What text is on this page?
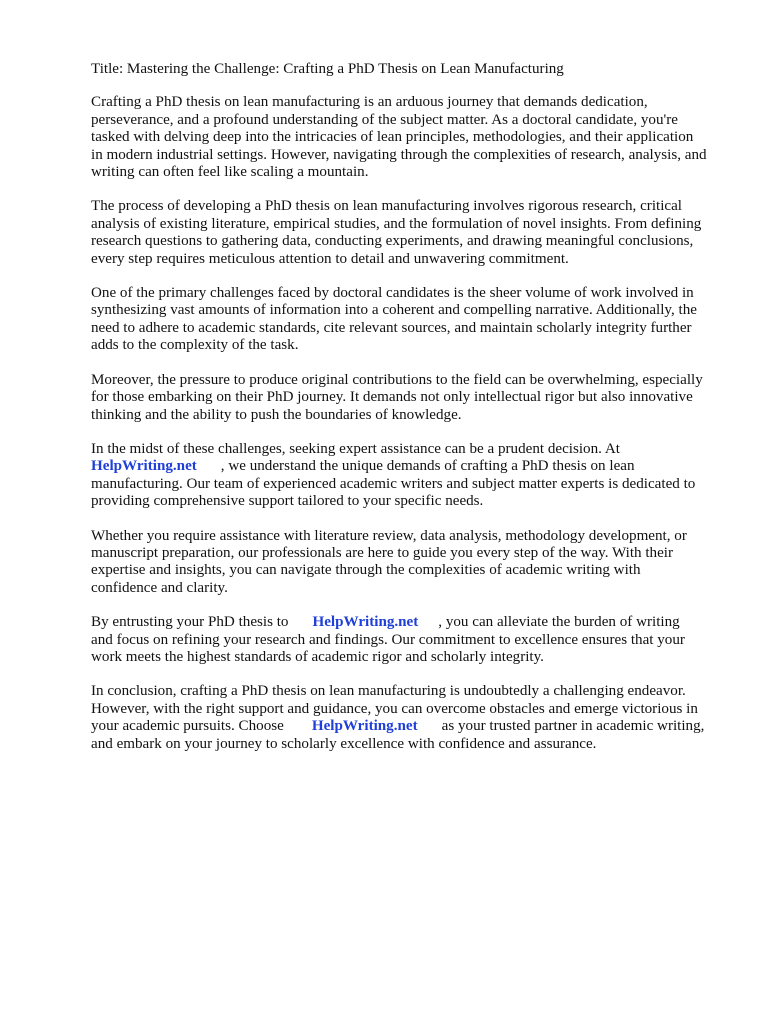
Title: Mastering the Challenge: Crafting a PhD Thesis on Lean Manufacturing

Crafting a PhD thesis on lean manufacturing is an arduous journey that demands dedication,
perseverance, and a profound understanding of the subject matter. As a doctoral candidate, you're
tasked with delving deep into the intricacies of lean principles, methodologies, and their application
in modern industrial settings. However, navigating through the complexities of research, analysis, and
writing can often feel like scaling a mountain.

The process of developing a PhD thesis on lean manufacturing involves rigorous research, critical
analysis of existing literature, empirical studies, and the formulation of novel insights. From defining
research questions to gathering data, conducting experiments, and drawing meaningful conclusions,
every step requires meticulous attention to detail and unwavering commitment.

One of the primary challenges faced by doctoral candidates is the sheer volume of work involved in
synthesizing vast amounts of information into a coherent and compelling narrative. Additionally, the
need to adhere to academic standards, cite relevant sources, and maintain scholarly integrity further
adds to the complexity of the task.

Moreover, the pressure to produce original contributions to the field can be overwhelming, especially
for those embarking on their PhD journey. It demands not only intellectual rigor but also innovative
thinking and the ability to push the boundaries of knowledge.

In the midst of these challenges, seeking expert assistance can be a prudent decision. At
HelpWriting.net , we understand the unique demands of crafting a PhD thesis on lean
manufacturing. Our team of experienced academic writers and subject matter experts is dedicated to
providing comprehensive support tailored to your specific needs.

Whether you require assistance with literature review, data analysis, methodology development, or
manuscript preparation, our professionals are here to guide you every step of the way. With their
expertise and insights, you can navigate through the complexities of academic writing with
confidence and clarity.

By entrusting your PhD thesis to HelpWriting.net , you can alleviate the burden of writing
and focus on refining your research and findings. Our commitment to excellence ensures that your
work meets the highest standards of academic rigor and scholarly integrity.

In conclusion, crafting a PhD thesis on lean manufacturing is undoubtedly a challenging endeavor.
However, with the right support and guidance, you can overcome obstacles and emerge victorious in
your academic pursuits. Choose HelpWriting.net as your trusted partner in academic writing,
and embark on your journey to scholarly excellence with confidence and assurance.
